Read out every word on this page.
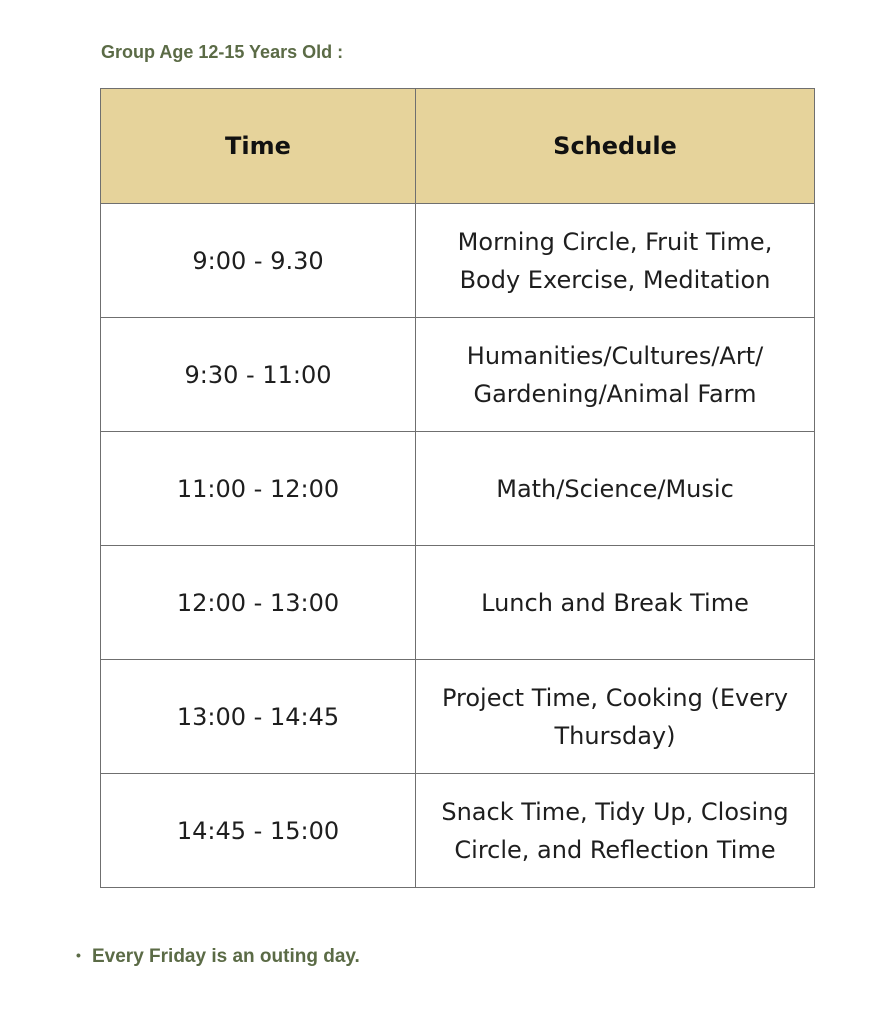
Group Age 12-15 Years Old :
Time	Schedule
9:00 - 9.30	Morning Circle, Fruit Time, Body Exercise, Meditation
9:30 - 11:00	Humanities/Cultures/Art/ Gardening/Animal Farm
11:00 - 12:00	Math/Science/Music
12:00 - 13:00	Lunch and Break Time
13:00 - 14:45	Project Time, Cooking (Every Thursday)
14:45 - 15:00	Snack Time, Tidy Up, Closing Circle, and Reflection Time

• Every Friday is an outing day.
